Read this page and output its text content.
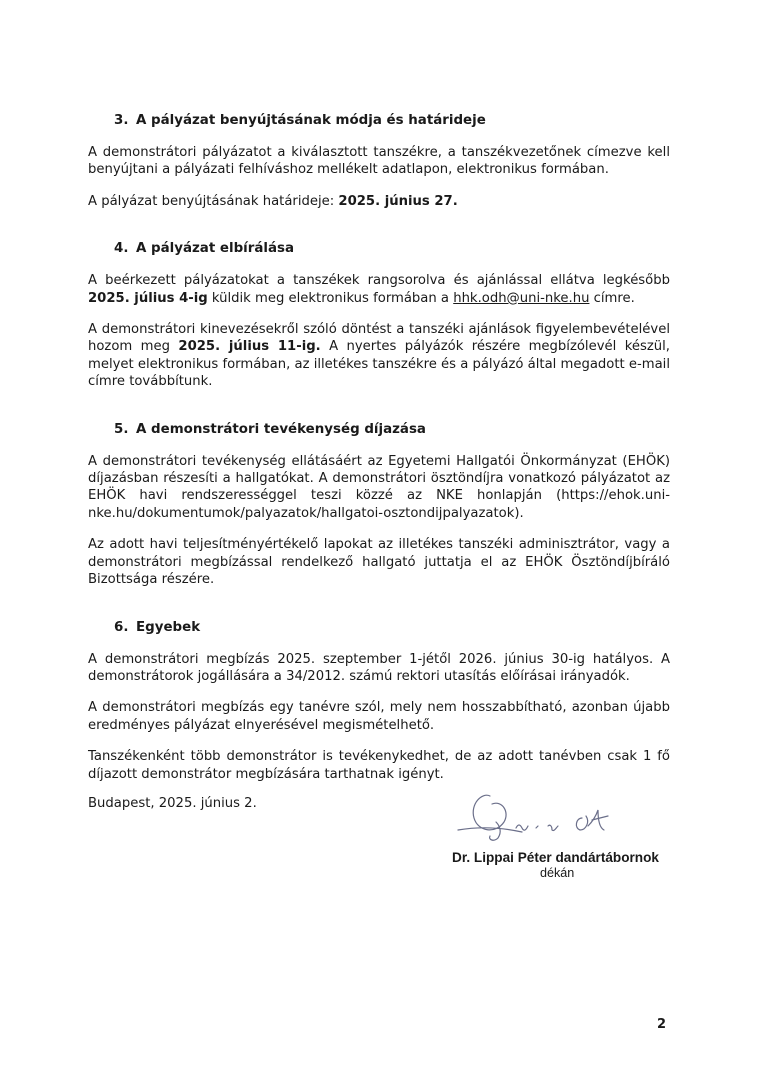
3. A pályázat benyújtásának módja és határideje

A demonstrátori pályázatot a kiválasztott tanszékre, a tanszékvezetőnek címezve kell benyújtani a pályázati felhíváshoz mellékelt adatlapon, elektronikus formában.

A pályázat benyújtásának határideje: 2025. június 27.

4. A pályázat elbírálása

A beérkezett pályázatokat a tanszékek rangsorolva és ajánlással ellátva legkésőbb 2025. július 4-ig küldik meg elektronikus formában a hhk.odh@uni-nke.hu címre.

A demonstrátori kinevezésekről szóló döntést a tanszéki ajánlások figyelembevételével hozom meg 2025. július 11-ig. A nyertes pályázók részére megbízólevél készül, melyet elektronikus formában, az illetékes tanszékre és a pályázó által megadott e-mail címre továbbítunk.

5. A demonstrátori tevékenység díjazása

A demonstrátori tevékenység ellátásáért az Egyetemi Hallgatói Önkormányzat (EHÖK) díjazásban részesíti a hallgatókat. A demonstrátori ösztöndíjra vonatkozó pályázatot az EHÖK havi rendszerességgel teszi közzé az NKE honlapján (https://ehok.uni-nke.hu/dokumentumok/palyazatok/hallgatoi-osztondijpalyazatok).

Az adott havi teljesítményértékelő lapokat az illetékes tanszéki adminisztrátor, vagy a demonstrátori megbízással rendelkező hallgató juttatja el az EHÖK Ösztöndíjbíráló Bizottsága részére.

6. Egyebek

A demonstrátori megbízás 2025. szeptember 1-jétől 2026. június 30-ig hatályos. A demonstrátorok jogállására a 34/2012. számú rektori utasítás előírásai irányadók.

A demonstrátori megbízás egy tanévre szól, mely nem hosszabbítható, azonban újabb eredményes pályázat elnyerésével megismételhető.

Tanszékenként több demonstrátor is tevékenykedhet, de az adott tanévben csak 1 fő díjazott demonstrátor megbízására tarthatnak igényt.

Budapest, 2025. június 2.
Dr. Lippai Péter dandártábornok
dékán
2
